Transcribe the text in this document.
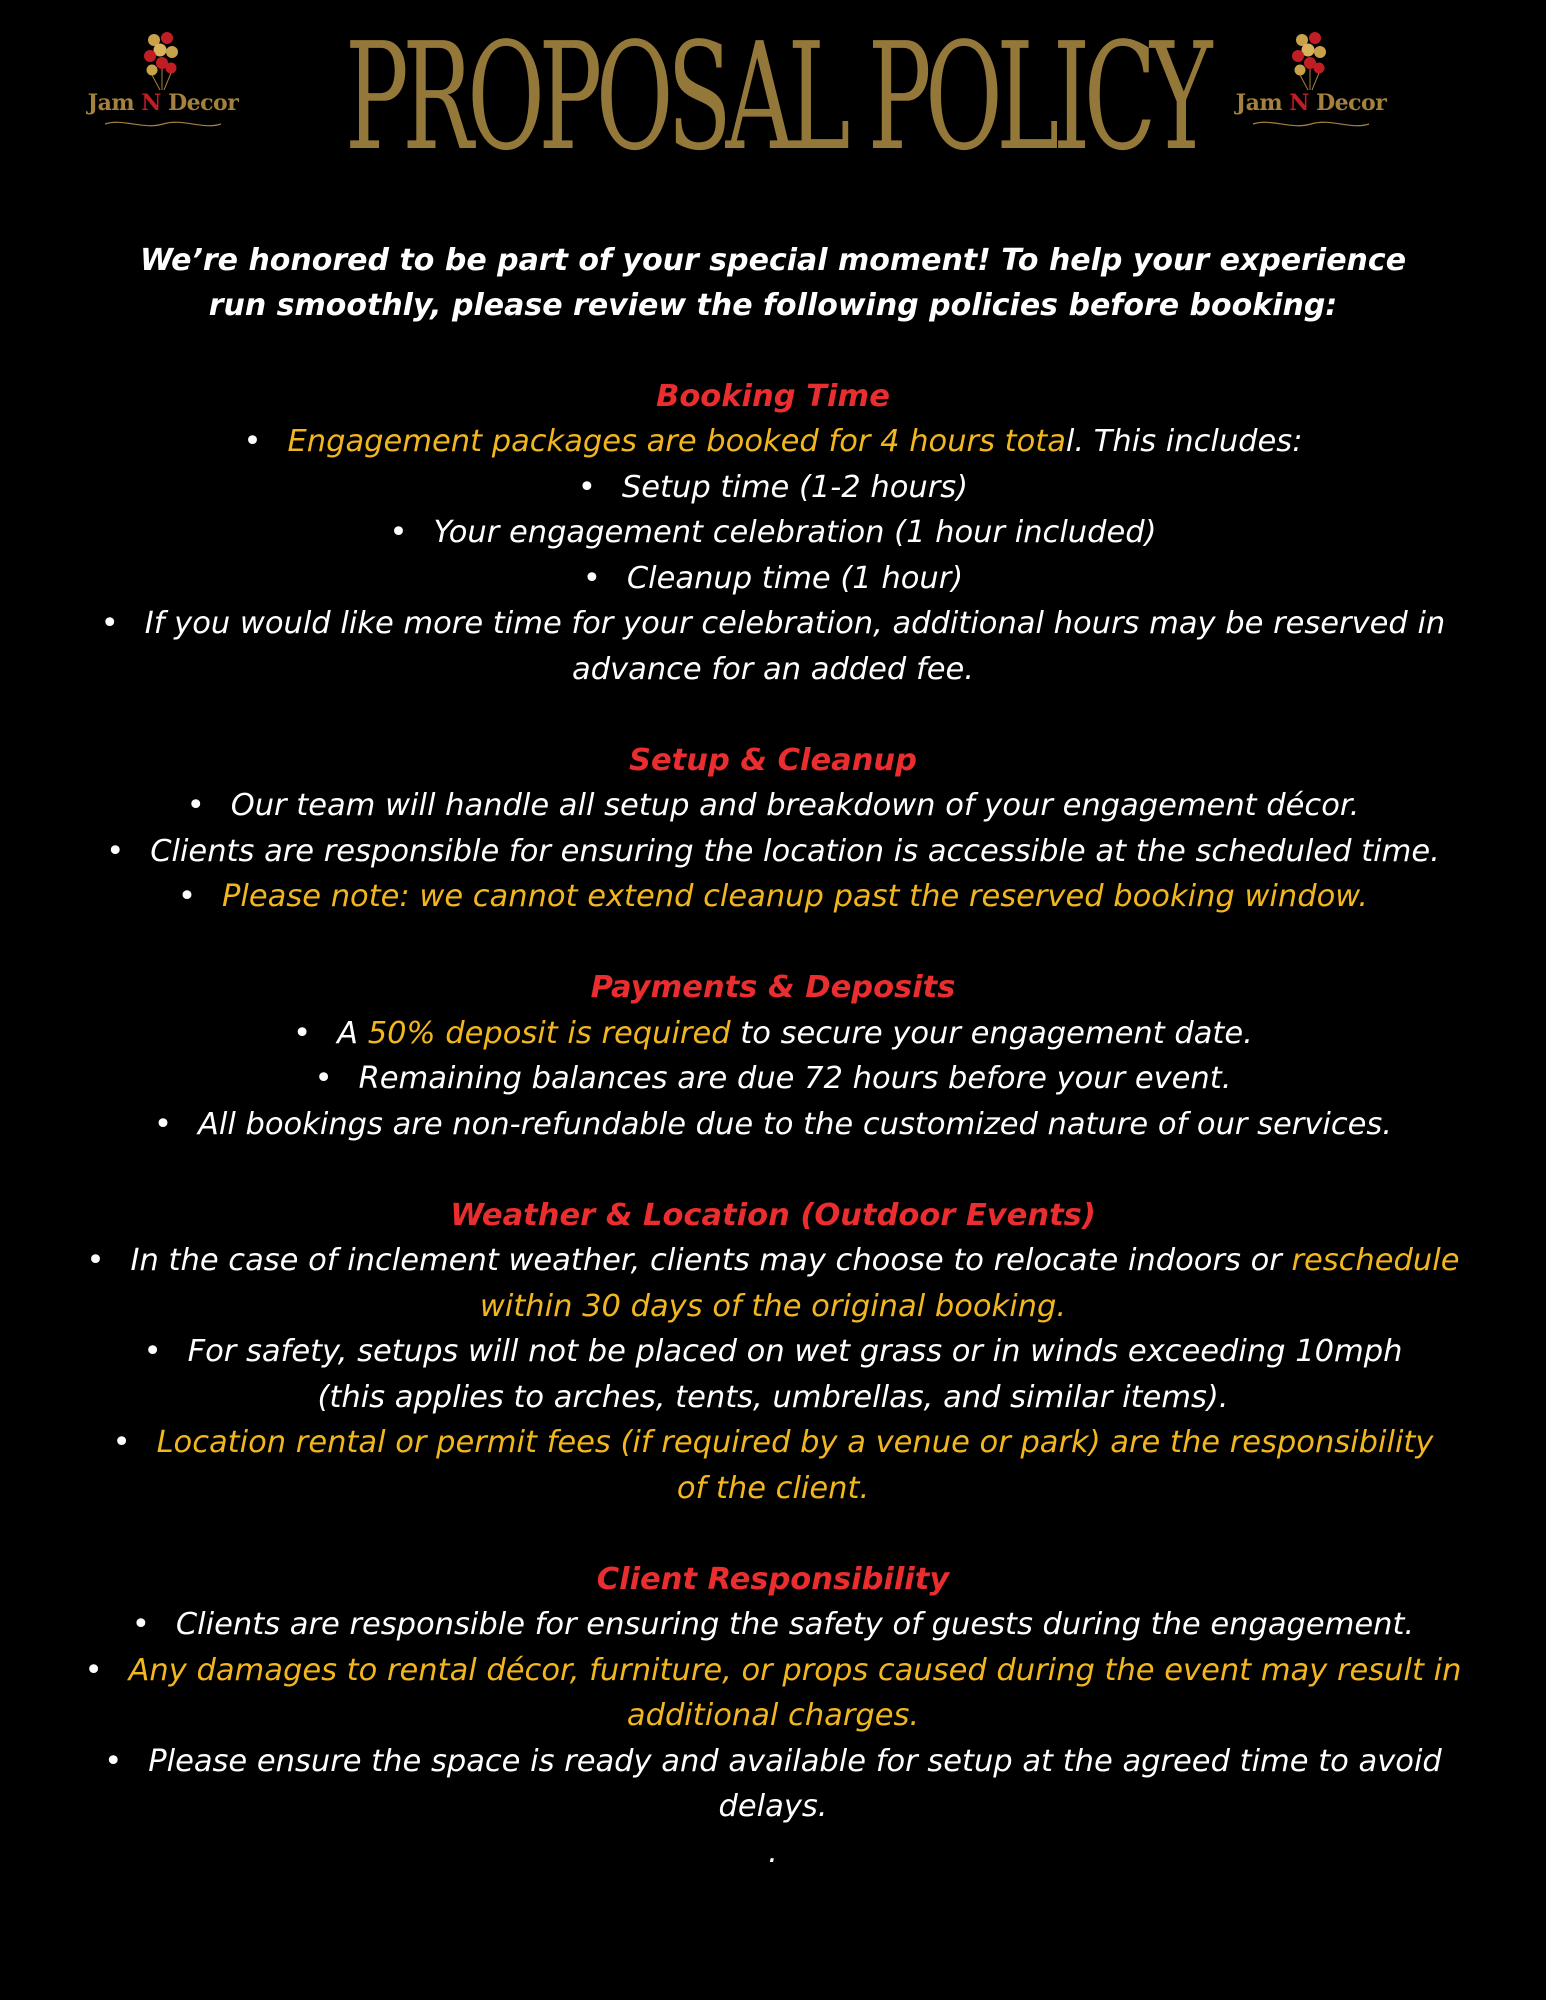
Jam N Decor PROPOSAL POLICY	Jam N Decor
We’re honored to be part of your special moment! To help your experience
run smoothly, please review the following policies before booking:
Booking Time
• Engagement packages are booked for 4 hours total. This includes:
• Setup time (1-2 hours)
• Your engagement celebration (1 hour included)
• Cleanup time (1 hour)
• If you would like more time for your celebration, additional hours may be reserved in
advance for an added fee.
Setup & Cleanup
• Our team will handle all setup and breakdown of your engagement décor.
• Clients are responsible for ensuring the location is accessible at the scheduled time.
• Please note: we cannot extend cleanup past the reserved booking window.
Payments & Deposits
• A 50% deposit is required to secure your engagement date.
• Remaining balances are due 72 hours before your event.
• All bookings are non-refundable due to the customized nature of our services.
Weather & Location (Outdoor Events)
• In the case of inclement weather, clients may choose to relocate indoors or reschedule
within 30 days of the original booking.
• For safety, setups will not be placed on wet grass or in winds exceeding 10mph
(this applies to arches, tents, umbrellas, and similar items).
• Location rental or permit fees (if required by a venue or park) are the responsibility
of the client.
Client Responsibility
• Clients are responsible for ensuring the safety of guests during the engagement.
• Any damages to rental décor, furniture, or props caused during the event may result in
additional charges.
• Please ensure the space is ready and available for setup at the agreed time to avoid
delays.
.
